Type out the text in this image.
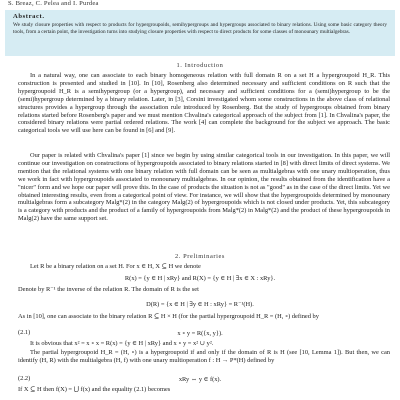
S. Breaz, C. Pelea and I. Purdea
Abstract.
We study closure properties with respect to products for hypergroupoids, semihypergroups and hypergroups associated to binary relations. Using some basic category theory tools, from a certain point, the investigation turns into studying closure properties with respect to direct products for some classes of monounary multialgebras.
1. Introduction

In a natural way, one can associate to each binary homogeneous relation with full domain R on a set H a hypergroupoid H_R. This construction is presented and studied in [10]. In [10], Rosenberg also determined necessary and sufficient conditions on R such that the hypergroupoid H_R is a semihypergroup (or a hypergroup), and necessary and sufficient conditions for a (semi)hypergroup to be the (semi)hypergroup determined by a binary relation. Later, in [3], Corsini investigated whom some constructions in the above class of relational structures provides a hypergroup through the association rule introduced by Rosenberg. But the study of hypergroups obtained from binary relations started before Rosenberg's paper and we must mention Chvalina's categorical approach of the subject from [1]. In Chvalina's paper, the considered binary relations were partial ordered relations. The work [4] can complete the background for the subject we approach. The basic categorical tools we will use here can be found in [6] and [9].

Our paper is related with Chvalina's paper [1] since we begin by using similar categorical tools in our investigation. In this paper, we will continue our investigation on constructions of hypergroupoids associated to binary relations started in [8] with direct limits of direct systems. We mention that the relational systems with one binary relation with full domain can be seen as multialgebras with one unary multioperation, thus we work in fact with hypergroupoids associated to monounary multialgebras. In our opinion, the results obtained from the identification have a "nicer" form and we hope our paper will prove this. In the case of products the situation is not as "good" as in the case of the direct limits. Yet we obtained interesting results, even from a categorical point of view. For instance, we will show that the hypergroupoids determined by monounary multialgebras form a subcategory Malg*(2) in the category Malg(2) of hypergroupoids which is not closed under products. Yet, this subcategory is a category with products and the product of a family of hypergroupoids from Malg*(2) in Malg*(2) and the product of these hypergroupoids in Malg(2) have the same support set.

2. Preliminaries

Let R be a binary relation on a set H. For x ∈ H, X ⊆ H we denote

R(x) = {y ∈ H | xRy} and R(X) = {y ∈ H | ∃x ∈ X : xRy}.

Denote by R⁻¹ the inverse of the relation R. The domain of R is the set

D(R) = {x ∈ H | ∃y ∈ H : xRy} = R⁻¹(H).

As in [10], one can associate to the binary relation R ⊆ H × H (for the partial hypergroupoid H_R = (H, ∘) defined by

(2.1)	x ∘ y = R({x, y}).

It is obvious that x² = x ∘ x = R(x) = {y ∈ H | xRy} and x ∘ y = x² ∪ y².

The partial hypergroupoid H_R = (H, ∘) is a hypergroupoid if and only if the domain of R is H (see [10, Lemma 1]). But then, we can identify (H, R) with the multialgebra (H, f) with one unary multioperation f : H → P*(H) defined by

(2.2)	xRy ⇔ y ∈ f(x).

If X ⊆ H then f(X) = ⋃ f(x) and the equality (2.1) becomes
